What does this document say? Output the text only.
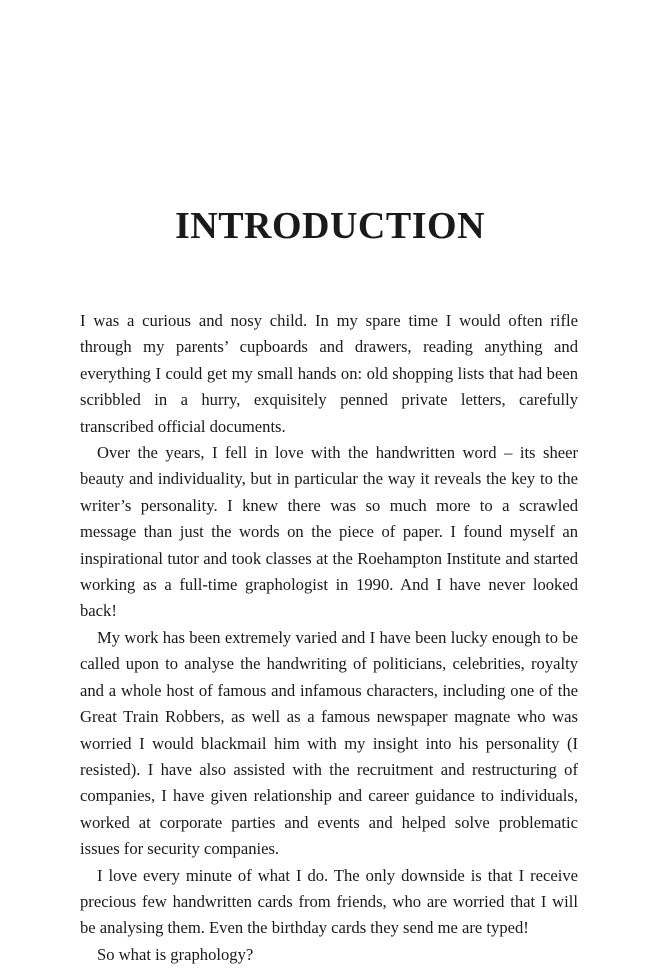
INTRODUCTION

I was a curious and nosy child. In my spare time I would often rifle through my parents’ cupboards and drawers, reading anything and everything I could get my small hands on: old shopping lists that had been scribbled in a hurry, exquisitely penned private letters, carefully transcribed official documents.

Over the years, I fell in love with the handwritten word – its sheer beauty and individuality, but in particular the way it reveals the key to the writer’s personality. I knew there was so much more to a scrawled message than just the words on the piece of paper. I found myself an inspirational tutor and took classes at the Roehampton Institute and started working as a full-time graphologist in 1990. And I have never looked back!

My work has been extremely varied and I have been lucky enough to be called upon to analyse the handwriting of politicians, celebrities, royalty and a whole host of famous and infamous characters, including one of the Great Train Robbers, as well as a famous newspaper magnate who was worried I would blackmail him with my insight into his personality (I resisted). I have also assisted with the recruitment and restructuring of companies, I have given relationship and career guidance to individuals, worked at corporate parties and events and helped solve problematic issues for security companies.

I love every minute of what I do. The only downside is that I receive precious few handwritten cards from friends, who are worried that I will be analysing them. Even the birthday cards they send me are typed!

So what is graphology?
